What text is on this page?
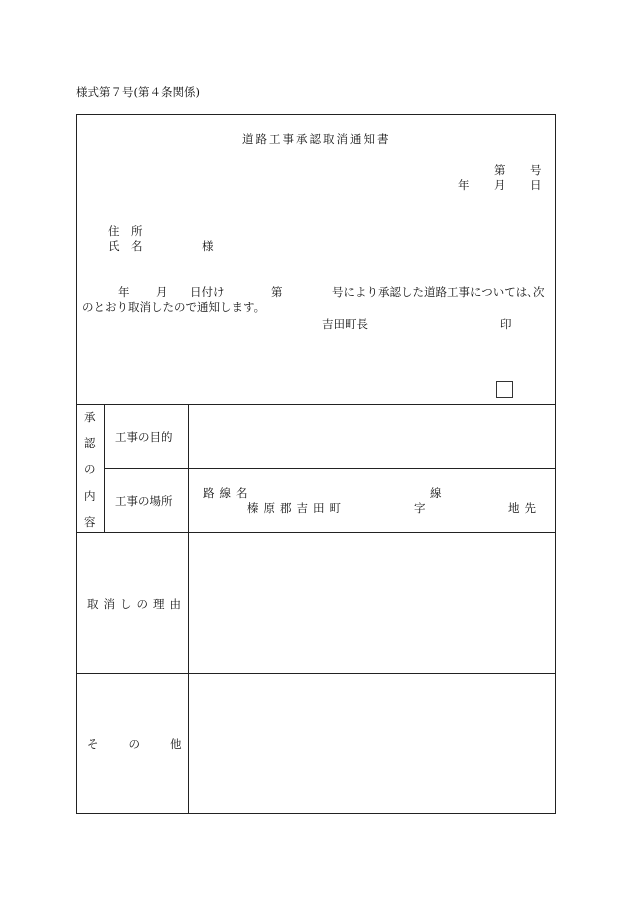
様式第７号(第４条関係)
道路工事承認取消通知書
第 号
年 月 日
住　所
氏　名	様
年 月 日付け	第	号により承認した道路工事については､次
のとおり取消したので通知します。
吉田町長	印
承
認
の
内
容
工事の目的
工事の場所
路線名	線
榛原郡吉田町	字	地先
取消しの理由
その他
